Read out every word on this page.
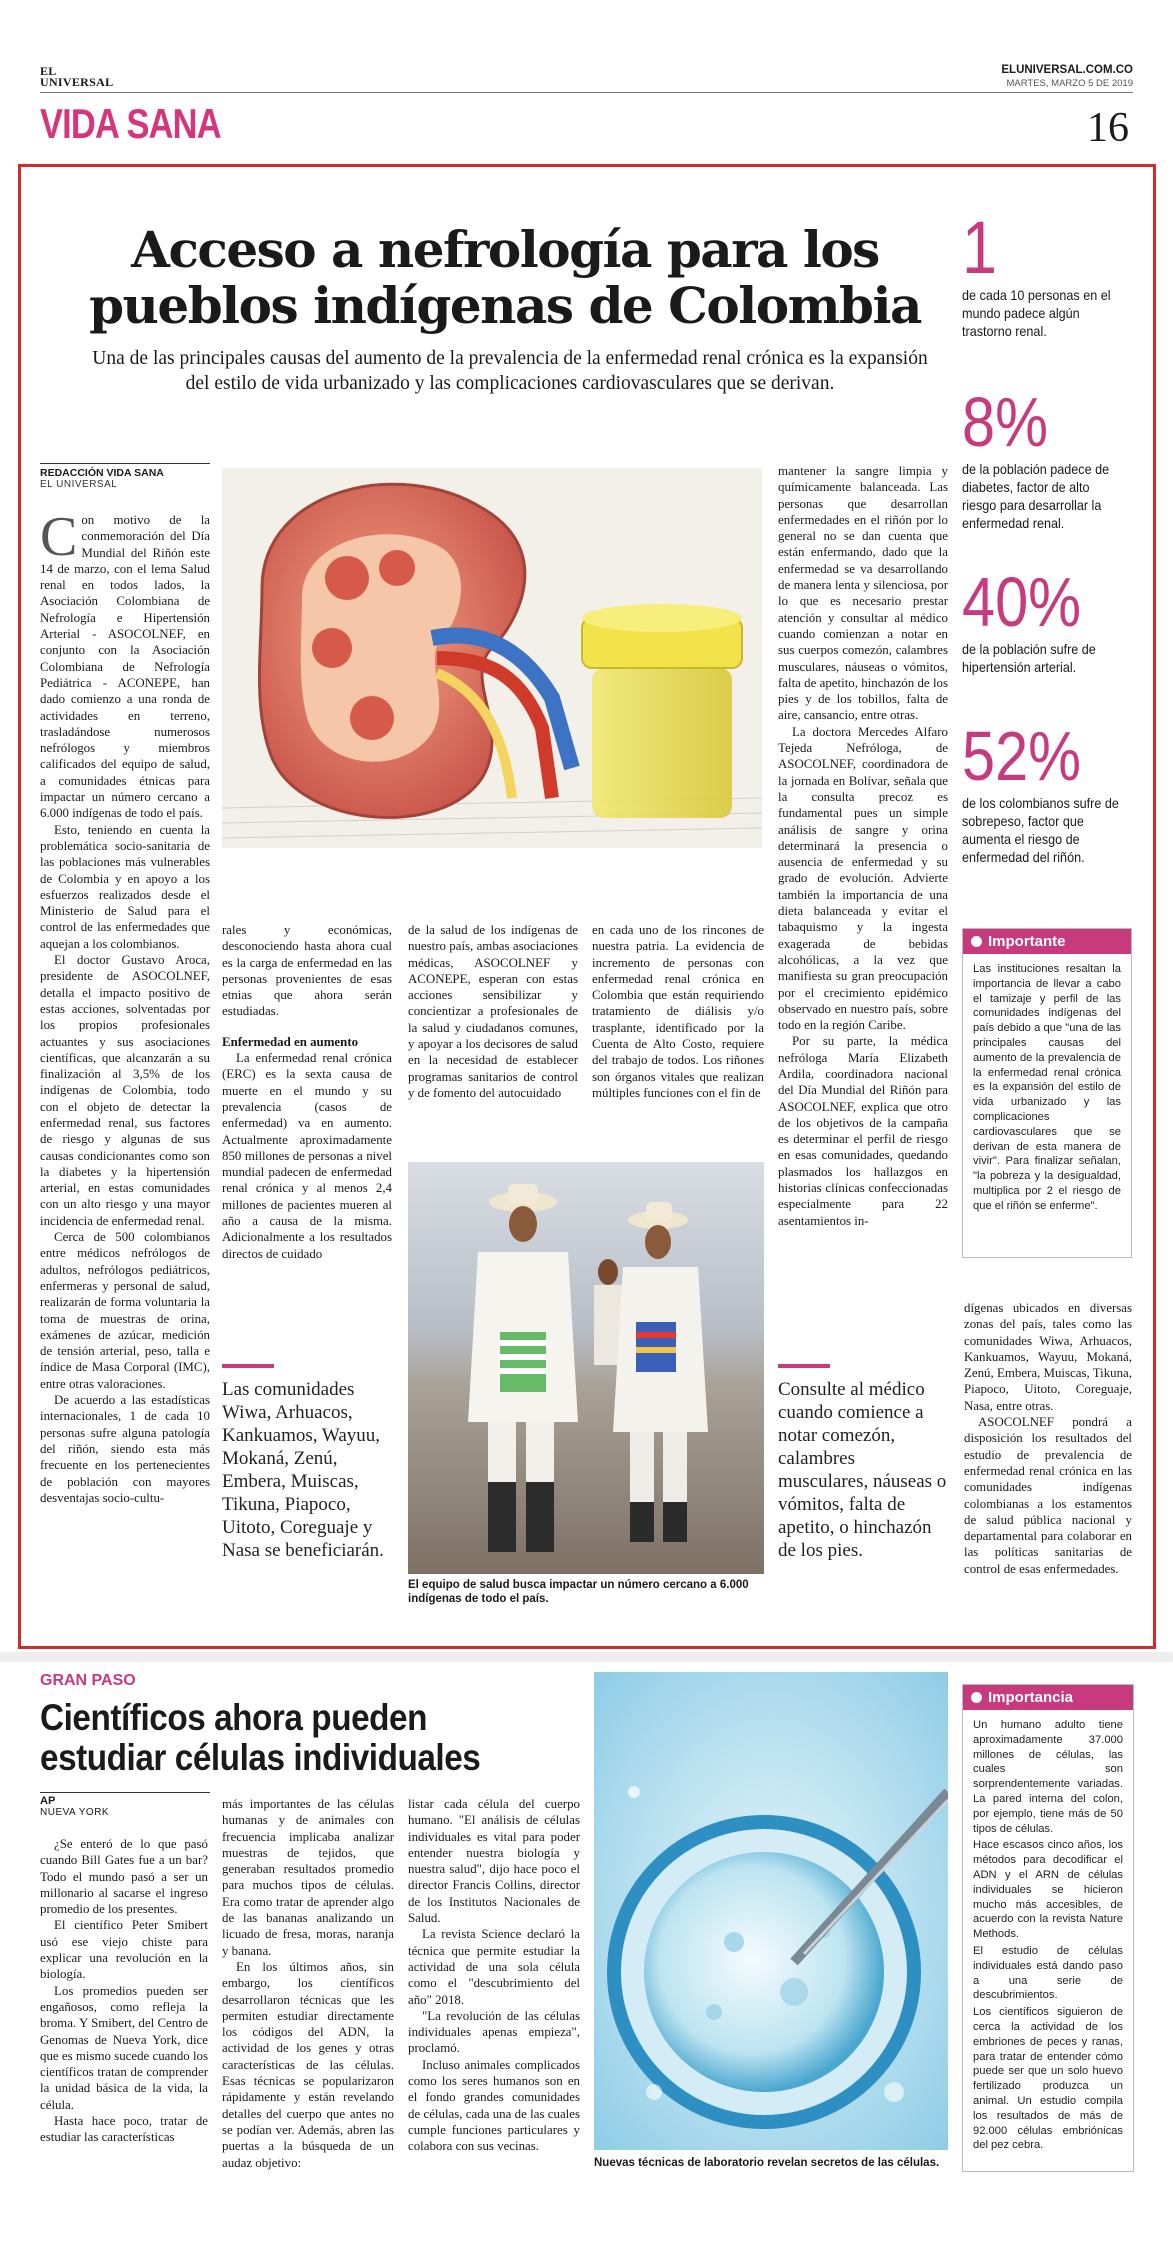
EL
UNIVERSAL
ELUNIVERSAL.COM.CO
MARTES, MARZO 5 DE 2019
VIDA SANA	16
Acceso a nefrología para los
pueblos indígenas de Colombia
Una de las principales causas del aumento de la prevalencia de la enfermedad renal crónica es la expansión del estilo de vida urbanizado y las complicaciones cardiovasculares que se derivan.
REDACCIÓN VIDA SANA
EL UNIVERSAL

Con motivo de la conmemoración del Día Mundial del Riñón este 14 de marzo, con el lema Salud renal en todos lados, la Asociación Colombiana de Nefrología e Hipertensión Arterial - ASOCOLNEF, en conjunto con la Asociación Colombiana de Nefrología Pediátrica - ACONEPE, han dado comienzo a una ronda de actividades en terreno, trasladándose numerosos nefrólogos y miembros calificados del equipo de salud, a comunidades étnicas para impactar un número cercano a 6.000 indígenas de todo el país.

Esto, teniendo en cuenta la problemática socio-sanitaria de las poblaciones más vulnerables de Colombia y en apoyo a los esfuerzos realizados desde el Ministerio de Salud para el control de las enfermedades que aquejan a los colombianos.

El doctor Gustavo Aroca, presidente de ASOCOLNEF, detalla el impacto positivo de estas acciones, solventadas por los propios profesionales actuantes y sus asociaciones científicas, que alcanzarán a su finalización al 3,5% de los indígenas de Colombia, todo con el objeto de detectar la enfermedad renal, sus factores de riesgo y algunas de sus causas condicionantes como son la diabetes y la hipertensión arterial, en estas comunidades con un alto riesgo y una mayor incidencia de enfermedad renal.

Cerca de 500 colombianos entre médicos nefrólogos de adultos, nefrólogos pediátricos, enfermeras y personal de salud, realizarán de forma voluntaria la toma de muestras de orina, exámenes de azúcar, medición de tensión arterial, peso, talla e índice de Masa Corporal (IMC), entre otras valoraciones.

De acuerdo a las estadísticas internacionales, 1 de cada 10 personas sufre alguna patología del riñón, siendo esta más frecuente en los pertenecientes de población con mayores desventajas socio-cultu-

rales y económicas, desconociendo hasta ahora cual es la carga de enfermedad en las personas provenientes de esas etnias que ahora serán estudiadas.

Enfermedad en aumento

La enfermedad renal crónica (ERC) es la sexta causa de muerte en el mundo y su prevalencia (casos de enfermedad) va en aumento. Actualmente aproximadamente 850 millones de personas a nivel mundial padecen de enfermedad renal crónica y al menos 2,4 millones de pacientes mueren al año a causa de la misma. Adicionalmente a los resultados directos de cuidado

de la salud de los indígenas de nuestro país, ambas asociaciones médicas, ASOCOLNEF y ACONEPE, esperan con estas acciones sensibilizar y concientizar a profesionales de la salud y ciudadanos comunes, y apoyar a los decisores de salud en la necesidad de establecer programas sanitarios de control y de fomento del autocuidado

en cada uno de los rincones de nuestra patria. La evidencia de incremento de personas con enfermedad renal crónica en Colombia que están requiriendo tratamiento de diálisis y/o trasplante, identificado por la Cuenta de Alto Costo, requiere del trabajo de todos. Los riñones son órganos vitales que realizan múltiples funciones con el fin de

mantener la sangre limpia y químicamente balanceada. Las personas que desarrollan enfermedades en el riñón por lo general no se dan cuenta que están enfermando, dado que la enfermedad se va desarrollando de manera lenta y silenciosa, por lo que es necesario prestar atención y consultar al médico cuando comienzan a notar en sus cuerpos comezón, calambres musculares, náuseas o vómitos, falta de apetito, hinchazón de los pies y de los tobillos, falta de aire, cansancio, entre otras.

La doctora Mercedes Alfaro Tejeda Nefróloga, de ASOCOLNEF, coordinadora de la jornada en Bolívar, señala que la consulta precoz es fundamental pues un simple análisis de sangre y orina determinará la presencia o ausencia de enfermedad y su grado de evolución. Advierte también la importancia de una dieta balanceada y evitar el tabaquismo y la ingesta exagerada de bebidas alcohólicas, a la vez que manifiesta su gran preocupación por el crecimiento epidémico observado en nuestro país, sobre todo en la región Caribe.

Por su parte, la médica nefróloga María Elizabeth Ardila, coordinadora nacional del Día Mundial del Riñón para ASOCOLNEF, explica que otro de los objetivos de la campaña es determinar el perfil de riesgo en esas comunidades, quedando plasmados los hallazgos en historias clínicas confeccionadas especialmente para 22 asentamientos in-

Las comunidades Wiwa, Arhuacos, Kankuamos, Wayuu, Mokaná, Zenú, Embera, Muiscas, Tikuna, Piapoco, Uitoto, Coreguaje y Nasa se beneficiarán.
El equipo de salud busca impactar un número cercano a 6.000 indígenas de todo el país.
Consulte al médico cuando comience a notar comezón, calambres musculares, náuseas o vómitos, falta de apetito, o hinchazón de los pies.

dígenas ubicados en diversas zonas del país, tales como las comunidades Wiwa, Arhuacos, Kankuamos, Wayuu, Mokaná, Zenú, Embera, Muiscas, Tikuna, Piapoco, Uitoto, Coreguaje, Nasa, entre otras.

ASOCOLNEF pondrá a disposición los resultados del estudio de prevalencia de enfermedad renal crónica en las comunidades indígenas colombianas a los estamentos de salud pública nacional y departamental para colaborar en las políticas sanitarias de control de esas enfermedades.

1
de cada 10 personas en el mundo padece algún trastorno renal.
8%
de la población padece de diabetes, factor de alto riesgo para desarrollar la enfermedad renal.
40%
de la población sufre de hipertensión arterial.
52%
de los colombianos sufre de sobrepeso, factor que aumenta el riesgo de enfermedad del riñón.
Importante
Las instituciones resaltan la importancia de llevar a cabo el tamizaje y perfil de las comunidades indígenas del país debido a que "una de las principales causas del aumento de la prevalencia de la enfermedad renal crónica es la expansión del estilo de vida urbanizado y las complicaciones cardiovasculares que se derivan de esta manera de vivir". Para finalizar señalan, "la pobreza y la desigualdad, multiplica por 2 el riesgo de que el riñón se enferme".
GRAN PASO
Científicos ahora pueden
estudiar células individuales
AP
NUEVA YORK

¿Se enteró de lo que pasó cuando Bill Gates fue a un bar? Todo el mundo pasó a ser un millonario al sacarse el ingreso promedio de los presentes.

El científico Peter Smibert usó ese viejo chiste para explicar una revolución en la biología.

Los promedios pueden ser engañosos, como refleja la broma. Y Smibert, del Centro de Genomas de Nueva York, dice que es mismo sucede cuando los científicos tratan de comprender la unidad básica de la vida, la célula.

Hasta hace poco, tratar de estudiar las características

más importantes de las células humanas y de animales con frecuencia implicaba analizar muestras de tejidos, que generaban resultados promedio para muchos tipos de células. Era como tratar de aprender algo de las bananas analizando un licuado de fresa, moras, naranja y banana.

En los últimos años, sin embargo, los científicos desarrollaron técnicas que les permiten estudiar directamente los códigos del ADN, la actividad de los genes y otras características de las células. Esas técnicas se popularizaron rápidamente y están revelando detalles del cuerpo que antes no se podían ver. Además, abren las puertas a la búsqueda de un audaz objetivo:

listar cada célula del cuerpo humano. "El análisis de células individuales es vital para poder entender nuestra biología y nuestra salud", dijo hace poco el director Francis Collins, director de los Institutos Nacionales de Salud.

La revista Science declaró la técnica que permite estudiar la actividad de una sola célula como el "descubrimiento del año" 2018.

"La revolución de las células individuales apenas empieza", proclamó.

Incluso animales complicados como los seres humanos son en el fondo grandes comunidades de células, cada una de las cuales cumple funciones particulares y colabora con sus vecinas.

Nuevas técnicas de laboratorio revelan secretos de las células.
Importancia
Un humano adulto tiene aproximadamente 37.000 millones de células, las cuales son sorprendentemente variadas. La pared interna del colon, por ejemplo, tiene más de 50 tipos de células.
Hace escasos cinco años, los métodos para decodificar el ADN y el ARN de células individuales se hicieron mucho más accesibles, de acuerdo con la revista Nature Methods.
El estudio de células individuales está dando paso a una serie de descubrimientos.
Los científicos siguieron de cerca la actividad de los embriones de peces y ranas, para tratar de entender cómo puede ser que un solo huevo fertilizado produzca un animal. Un estudio compila los resultados de más de 92.000 células embriónicas del pez cebra.
